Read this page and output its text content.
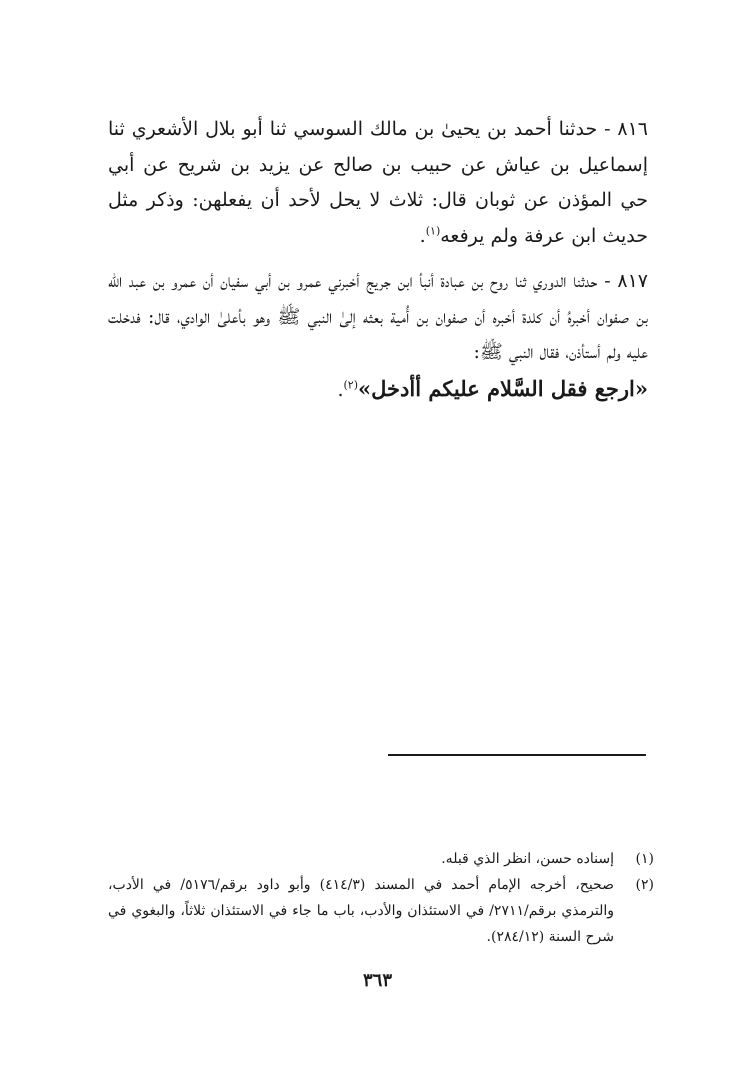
٨١٦ - حدثنا أحمد بن يحيىٰ بن مالك السوسي ثنا أبو بلال الأشعري ثنا إسماعيل بن عياش عن حبيب بن صالح عن يزيد بن شريح عن أبي حي المؤذن عن ثوبان قال: ثلاث لا يحل لأحد أن يفعلهن: وذكر مثل حديث ابن عرفة ولم يرفعه$^{(١)}$.

٨١٧ - حدثنا الدوري ثنا روح بن عبادة أنبأ ابن جريج أخبرني عمرو بن أبي سفيان أن عمرو بن عبد الله بن صفوان أخبرهُ أن كلدة أخبره أن صفوان بن أُمية بعثه إلىٰ النبي ﷺ وهو بأعلىٰ الوادي، قال: فدخلت عليه ولم أستأذن، فقال النبي ﷺ:
«ارجع فقل السَّلام عليكم أأدخل»$^{(٢)}$.

(١)
إسناده حسن، انظر الذي قبله.
(٢)
صحيح، أخرجه الإمام أحمد في المسند (٤١٤/٣) وأبو داود برقم/٥١٧٦/ في الأدب، والترمذي برقم/٢٧١١/ في الاستئذان والأدب، باب ما جاء في الاستئذان ثلاثاً، والبغوي في شرح السنة (٢٨٤/١٢).
٣٦٣
